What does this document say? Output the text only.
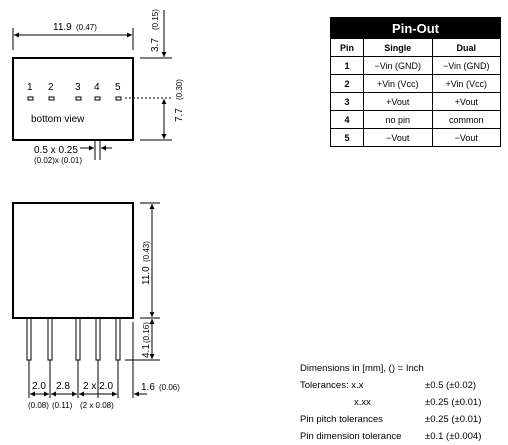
11.9 (0.47)
3.7
(0.15)
7.7
(0.30)
1 2 3 4 5
bottom view
0.5 x 0.25
(0.02)x (0.01)
11.0
(0.43)
4.1
(0.16)
2.0 2.8 2 x 2.0
(0.08) (0.11) (2 x 0.08)
1.6 (0.06)
Pin-Out		
Pin	Single	Dual
1	−Vin (GND)	−Vin (GND)
2	+Vin (Vcc)	+Vin (Vcc)
3	+Vout	+Vout
4	no pin	common
5	−Vout	−Vout
Dimensions in [mm], () = Inch
Tolerances: x.x	±0.5 (±0.02)
x.xx	±0.25 (±0.01)
Pin pitch tolerances	±0.25 (±0.01)
Pin dimension tolerance ±0.1 (±0.004)
